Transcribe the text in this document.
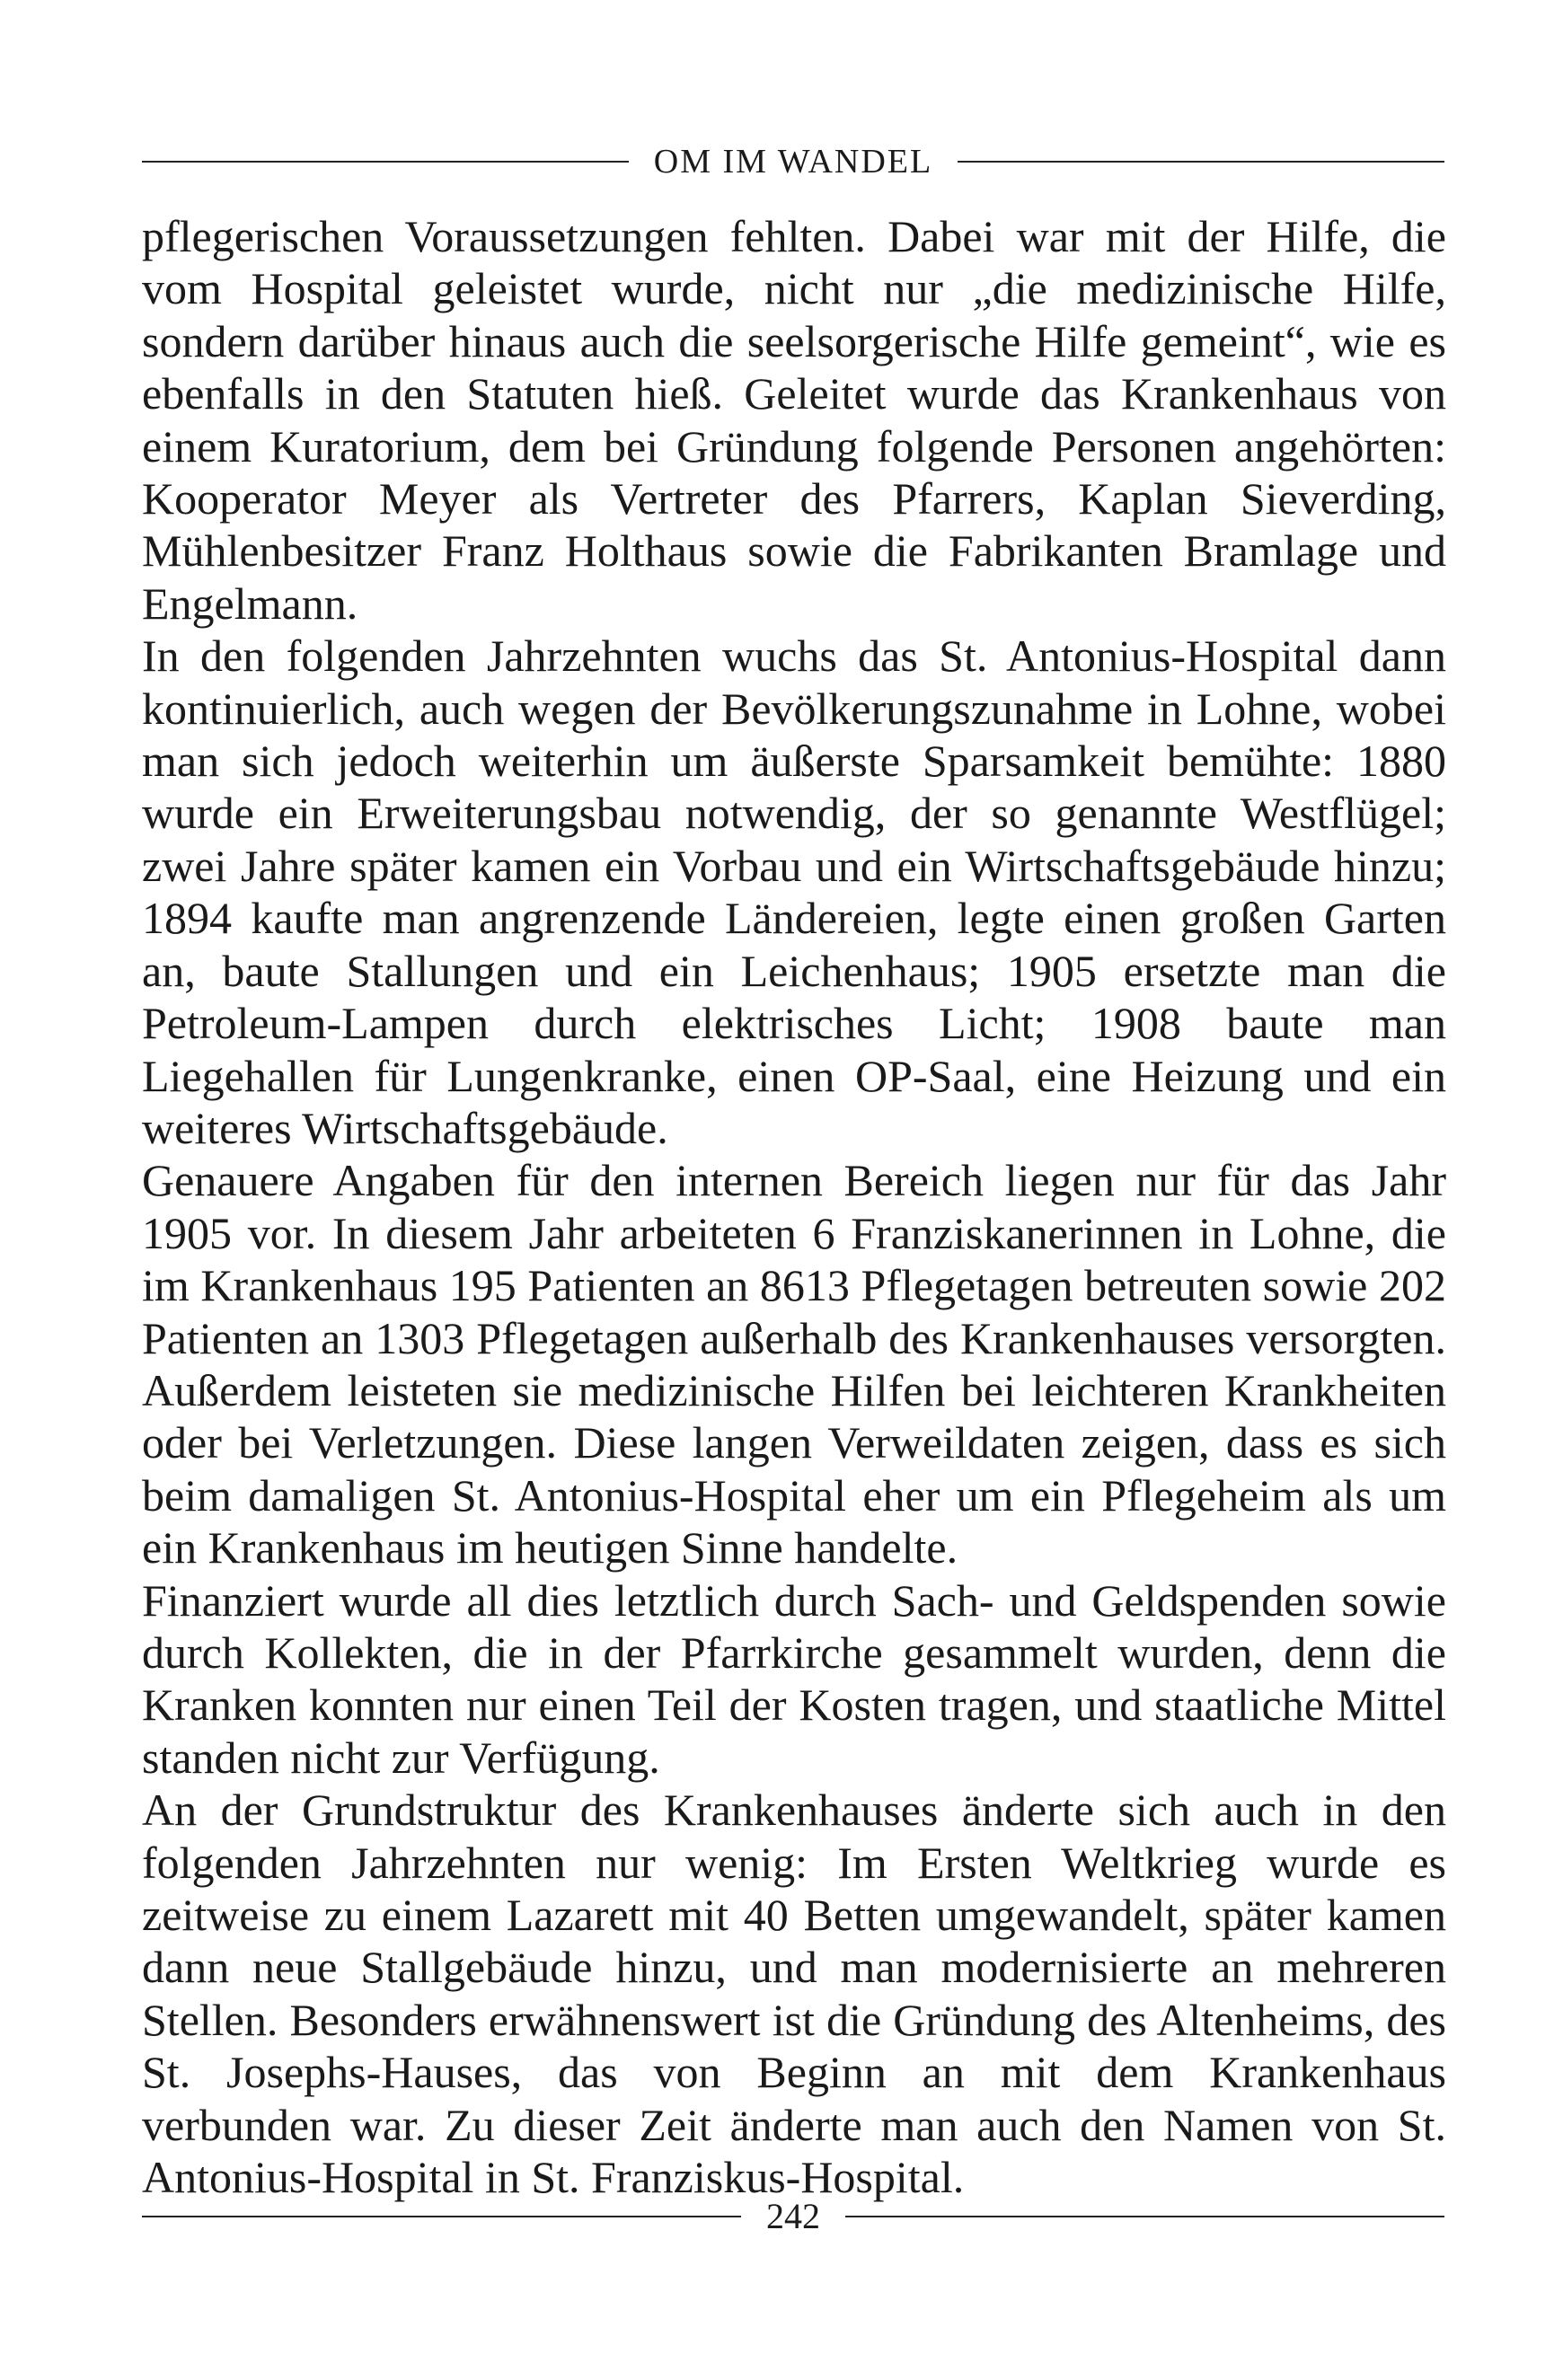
OM IM WANDEL

pflegerischen Voraussetzungen fehlten. Dabei war mit der Hilfe, die vom Hospital geleistet wurde, nicht nur „die medizinische Hilfe, sondern darüber hinaus auch die seelsorgerische Hilfe gemeint“, wie es ebenfalls in den Statuten hieß. Geleitet wurde das Krankenhaus von einem Kuratorium, dem bei Gründung folgende Personen angehörten: Kooperator Meyer als Vertreter des Pfarrers, Kaplan Sieverding, Mühlenbesitzer Franz Holthaus sowie die Fabrikanten Bramlage und Engelmann.

In den folgenden Jahrzehnten wuchs das St. Antonius-Hospital dann kontinuierlich, auch wegen der Bevölkerungszunahme in Lohne, wobei man sich jedoch weiterhin um äußerste Sparsamkeit bemühte: 1880 wurde ein Erweiterungsbau notwendig, der so genannte Westflügel; zwei Jahre später kamen ein Vorbau und ein Wirtschaftsgebäude hinzu; 1894 kaufte man angrenzende Ländereien, legte einen großen Garten an, baute Stallungen und ein Leichenhaus; 1905 ersetzte man die Petroleum-Lampen durch elektrisches Licht; 1908 baute man Liegehallen für Lungenkranke, einen OP-Saal, eine Heizung und ein weiteres Wirtschaftsgebäude.

Genauere Angaben für den internen Bereich liegen nur für das Jahr 1905 vor. In diesem Jahr arbeiteten 6 Franziskanerinnen in Lohne, die im Krankenhaus 195 Patienten an 8613 Pflegetagen betreuten sowie 202 Patienten an 1303 Pflegetagen außerhalb des Krankenhauses versorgten. Außerdem leisteten sie medizinische Hilfen bei leichteren Krankheiten oder bei Verletzungen. Diese langen Verweildaten zeigen, dass es sich beim damaligen St. Antonius-Hospital eher um ein Pflegeheim als um ein Krankenhaus im heutigen Sinne handelte.

Finanziert wurde all dies letztlich durch Sach- und Geldspenden sowie durch Kollekten, die in der Pfarrkirche gesammelt wurden, denn die Kranken konnten nur einen Teil der Kosten tragen, und staatliche Mittel standen nicht zur Verfügung.

An der Grundstruktur des Krankenhauses änderte sich auch in den folgenden Jahrzehnten nur wenig: Im Ersten Weltkrieg wurde es zeitweise zu einem Lazarett mit 40 Betten umgewandelt, später kamen dann neue Stallgebäude hinzu, und man modernisierte an mehreren Stellen. Besonders erwähnenswert ist die Gründung des Altenheims, des St. Josephs-Hauses, das von Beginn an mit dem Krankenhaus verbunden war. Zu dieser Zeit änderte man auch den Namen von St. Antonius-Hospital in St. Franziskus-Hospital.

242
